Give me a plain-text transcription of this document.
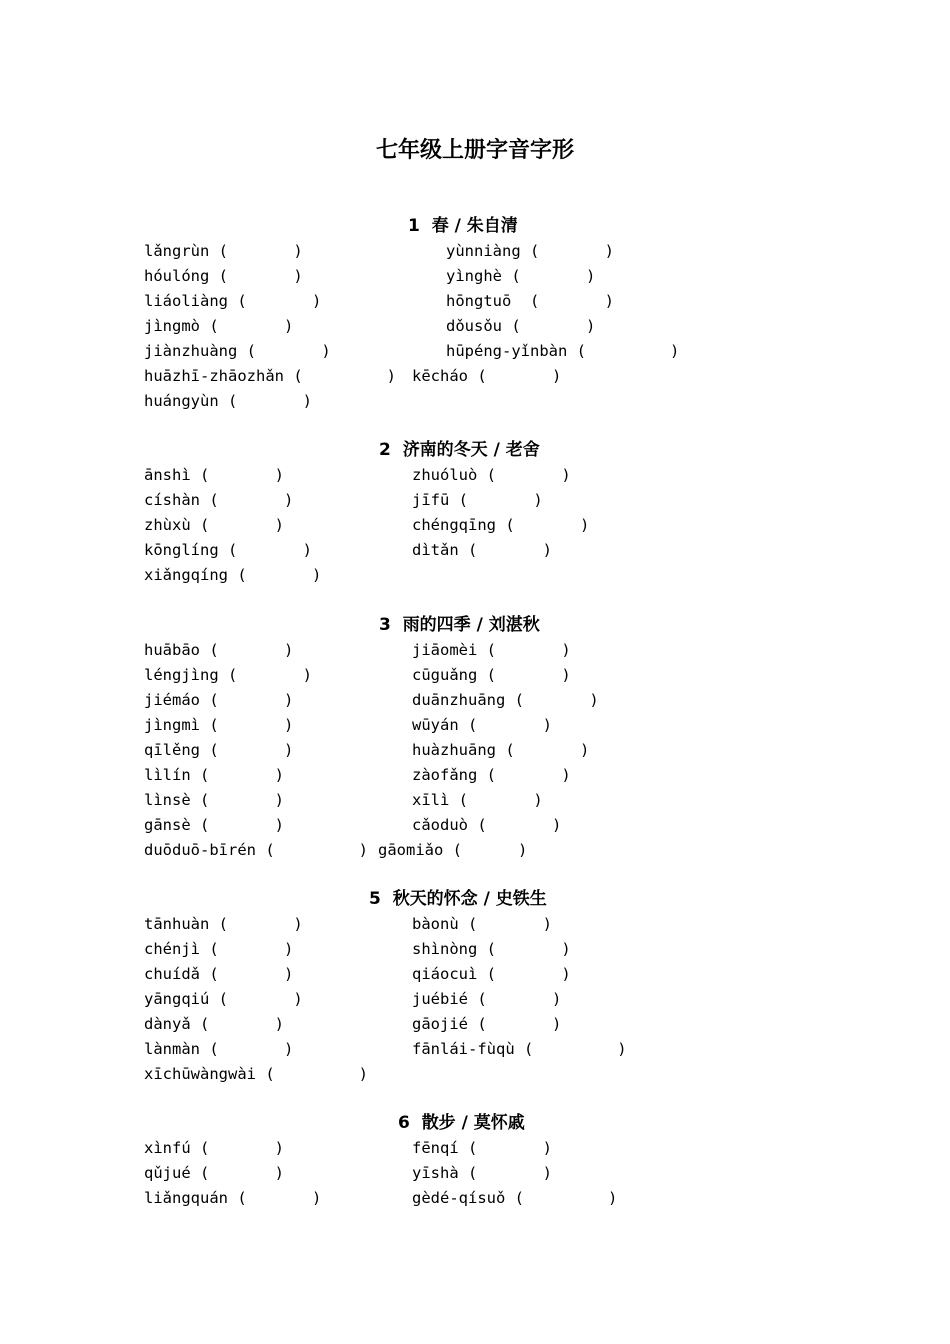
七年级上册字音字形
1 春 / 朱自清
lǎngrùn (       )	yùnniàng (       )
hóulóng (       )	yìnghè (       )
liáoliàng (       )	hōngtuō  (       )
jìngmò (       )	dǒusǒu (       )
jiànzhuàng (       )	hūpéng-yǐnbàn (         )
huāzhī-zhāozhǎn (         ) kēcháo (       )
huángyùn (       )
2 济南的冬天 / 老舍
ānshì (       )	zhuóluò (       )
císhàn (       )	jīfū (       )
zhùxù (       )	chéngqīng (       )
kōnglíng (       )	dìtǎn (       )
xiǎngqíng (       )
3 雨的四季 / 刘湛秋
huābāo (       )	jiāomèi (       )
léngjìng (       )	cūguǎng (       )
jiémáo (       )	duānzhuāng (       )
jìngmì (       )	wūyán (       )
qīlěng (       )	huàzhuāng (       )
lìlín (       )	zàofǎng (       )
lìnsè (       )	xīlì (       )
gānsè (       )	cǎoduò (       )
duōduō-bīrén (         ) gāomiǎo (      )
5 秋天的怀念 / 史铁生
tānhuàn (       )	bàonù (       )
chénjì (       )	shìnòng (       )
chuídǎ (       )	qiáocuì (       )
yāngqiú (       )	juébié (       )
dànyǎ (       )	gāojié (       )
lànmàn (       )	fānlái-fùqù (         )
xīchūwàngwài (         )
6 散步 / 莫怀戚
xìnfú (       )	fēnqí (       )
qǔjué (       )	yīshà (       )
liǎngquán (       )	gèdé-qísuǒ (         )
